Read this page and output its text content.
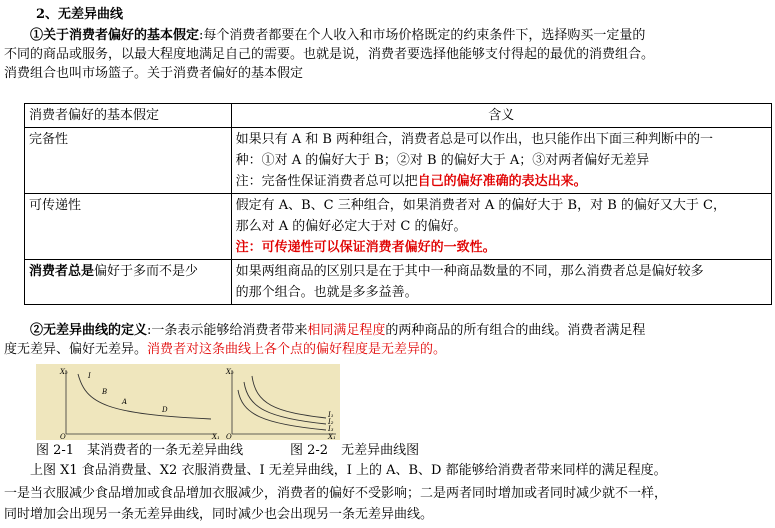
2、无差异曲线
①关于消费者偏好的基本假定:每个消费者都要在个人收入和市场价格既定的约束条件下，选择购买一定量的
不同的商品或服务，以最大程度地满足自己的需要。也就是说，消费者要选择他能够支付得起的最优的消费组合。
消费组合也叫市场篮子。关于消费者偏好的基本假定
消费者偏好的基本假定	含义
完备性	如果只有 A 和 B 两种组合，消费者总是可以作出，也只能作出下面三种判断中的一
种：①对 A 的偏好大于 B；②对 B 的偏好大于 A；③对两者偏好无差异
注：完备性保证消费者总可以把自己的偏好准确的表达出来。

可传递性	假定有 A、B、C 三种组合，如果消费者对 A 的偏好大于 B，对 B 的偏好又大于 C，
那么对 A 的偏好必定大于对 C 的偏好。
注：可传递性可以保证消费者偏好的一致性。

消费者总是偏好于多而不是少	如果两组商品的区别只是在于其中一种商品数量的不同，那么消费者总是偏好较多
的那个组合。也就是多多益善。
②无差异曲线的定义:一条表示能够给消费者带来相同满足程度的两种商品的所有组合的曲线。消费者满足程
度无差异、偏好无差异。消费者对这条曲线上各个点的偏好程度是无差异的。
X₂
X₁
O
I
B
A
D
X₂
X₁
O
I₁
I₂
I₃
图 2-1　某消费者的一条无差异曲线	图 2-2　无差异曲线图
上图 X1 食品消费量、X2 衣服消费量、I 无差异曲线，I 上的 A、B、D 都能够给消费者带来同样的满足程度。
一是当衣服减少食品增加或食品增加衣服减少，消费者的偏好不受影响；二是两者同时增加或者同时减少就不一样，
同时增加会出现另一条无差异曲线，同时减少也会出现另一条无差异曲线。
